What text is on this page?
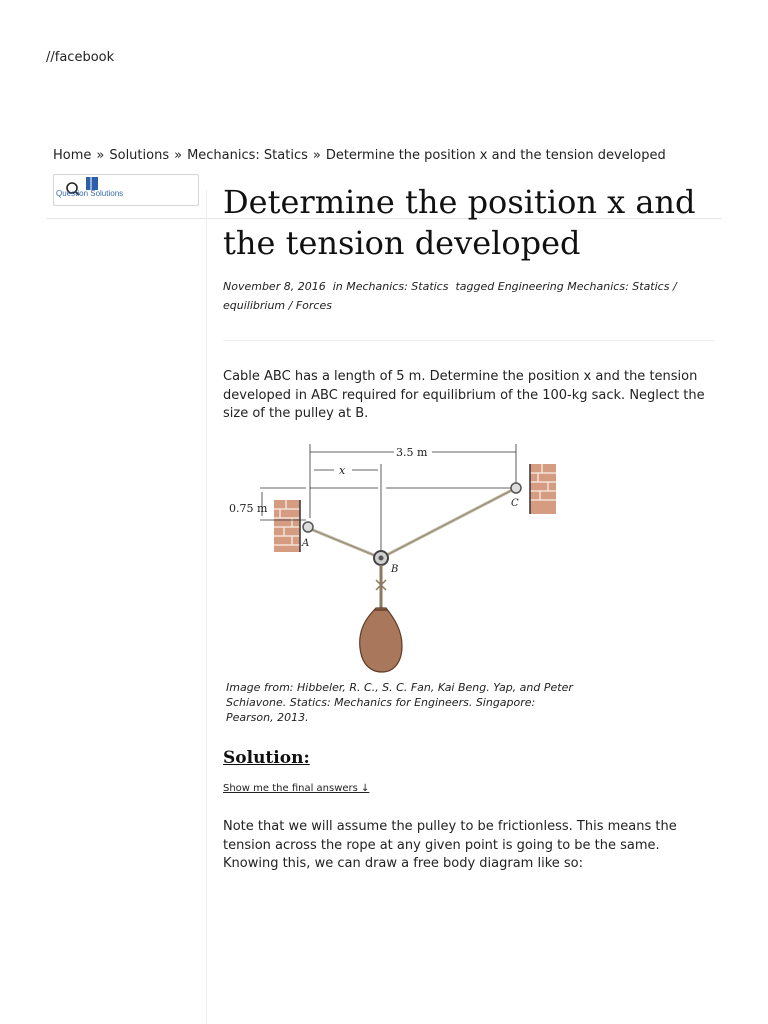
//facebook
Home » Solutions » Mechanics: Statics » Determine the position x and the tension developed
Question Solutions	Determine the position x and the tension developed
November 8, 2016 in Mechanics: Statics tagged Engineering Mechanics: Statics / equilibrium / Forces

Cable ABC has a length of 5 m. Determine the position x and the tension developed in ABC required for equilibrium of the 100-kg sack. Neglect the size of the pulley at B.

3.5 m
x
0.75 m
A
B
C
Image from: Hibbeler, R. C., S. C. Fan, Kai Beng. Yap, and Peter Schiavone. Statics: Mechanics for Engineers. Singapore: Pearson, 2013.
Solution:
Show me the final answers ↓

Note that we will assume the pulley to be frictionless. This means the tension across the rope at any given point is going to be the same. Knowing this, we can draw a free body diagram like so:
